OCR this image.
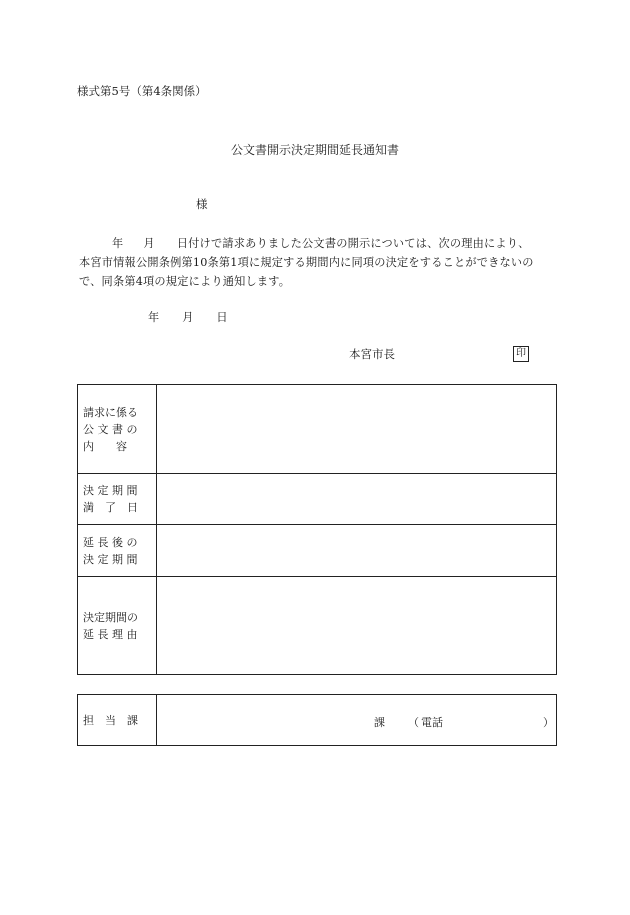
様式第5号（第4条関係）
公文書開示決定期間延長通知書
様
年 月 日付けで請求ありました公文書の開示については、次の理由により、
本宮市情報公開条例第10条第1項に規定する期間内に同項の決定をすることができないの
で、同条第4項の規定により通知します。
年 月 日
本宮市長	印
請求に係る
公 文 書 の
内　　容	

決 定 期 間
満　了　日	

延 長 後 の
決 定 期 間	

決定期間の
延 長 理 由	

担　当　課	課 （ 電話	）
